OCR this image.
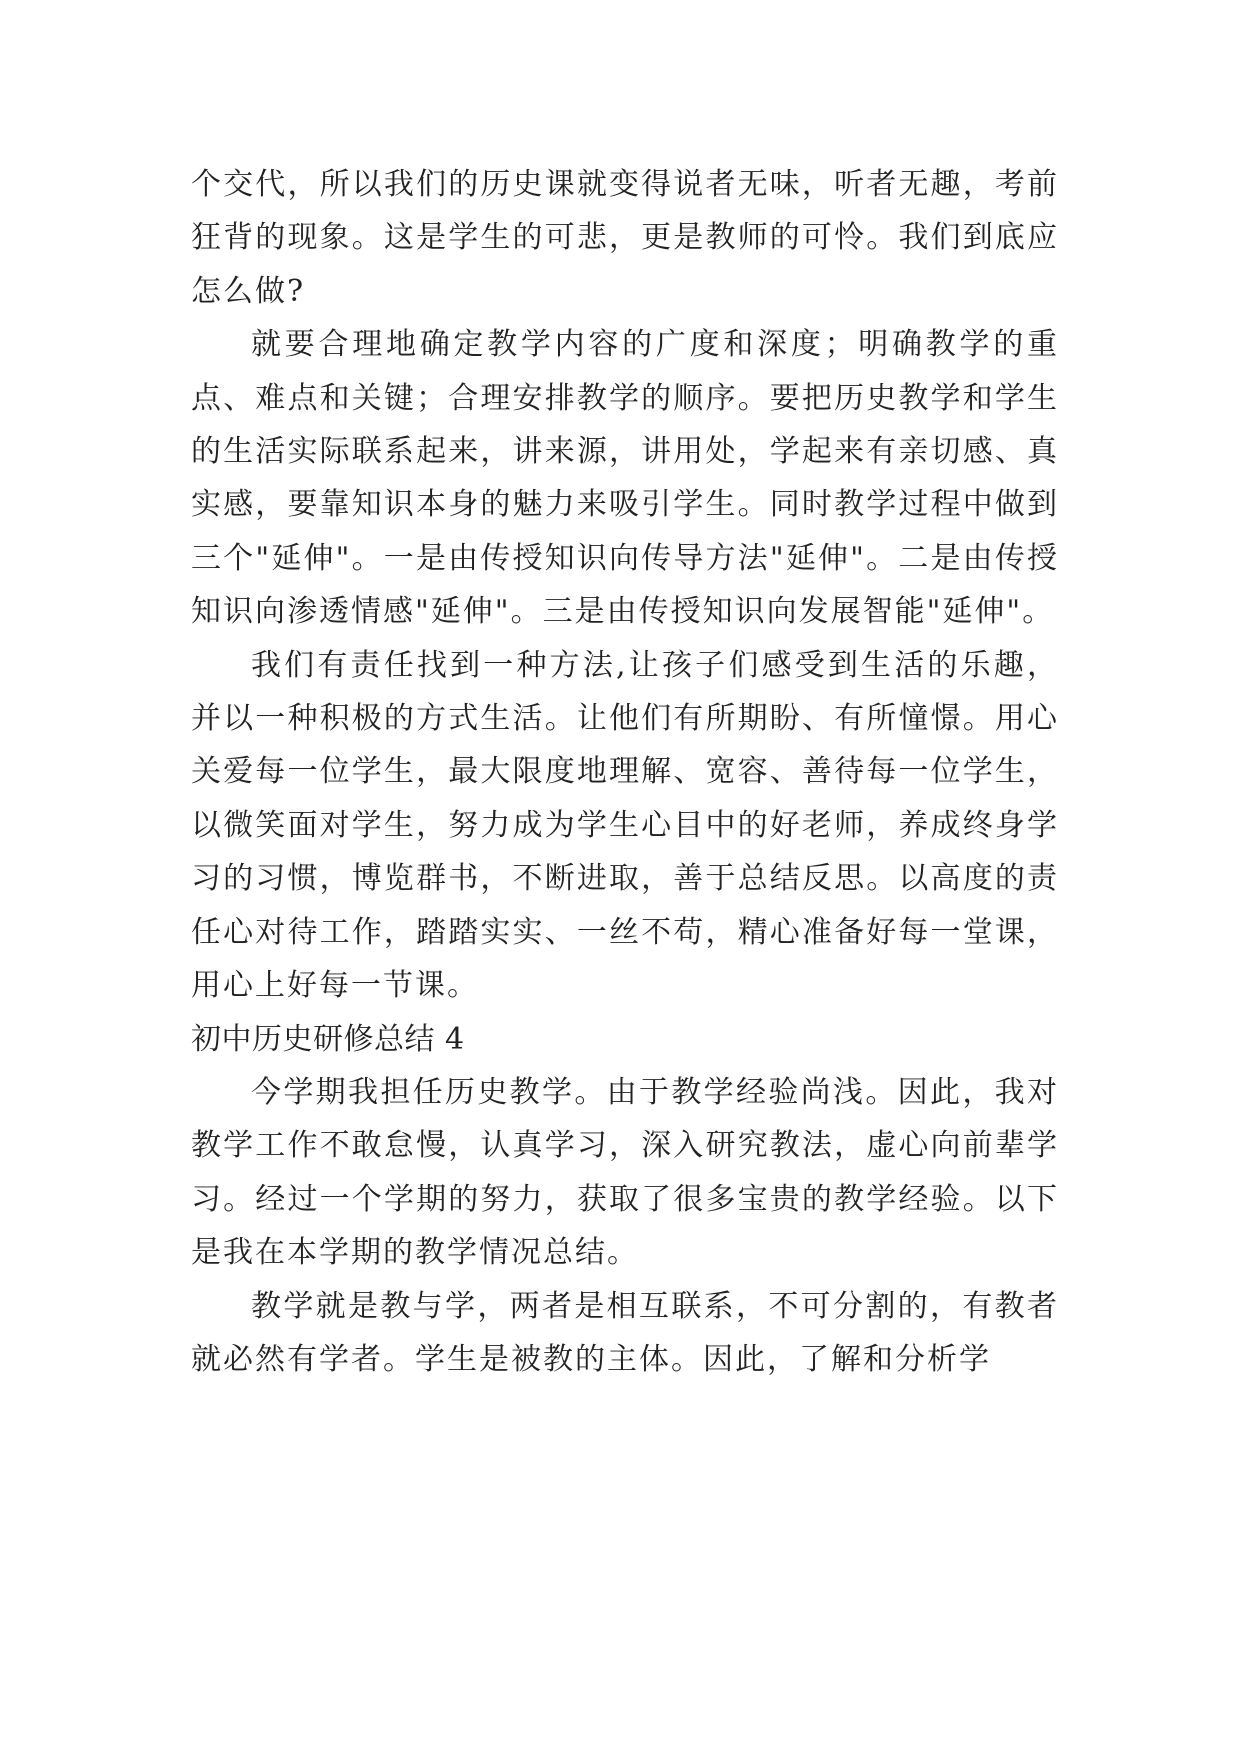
个交代，所以我们的历史课就变得说者无味，听者无趣，考前狂背的现象。这是学生的可悲，更是教师的可怜。我们到底应怎么做?

就要合理地确定教学内容的广度和深度；明确教学的重点、难点和关键；合理安排教学的顺序。要把历史教学和学生的生活实际联系起来，讲来源，讲用处，学起来有亲切感、真实感，要靠知识本身的魅力来吸引学生。同时教学过程中做到三个"延伸"。一是由传授知识向传导方法"延伸"。二是由传授知识向渗透情感"延伸"。三是由传授知识向发展智能"延伸"。

我们有责任找到一种方法,让孩子们感受到生活的乐趣，并以一种积极的方式生活。让他们有所期盼、有所憧憬。用心关爱每一位学生，最大限度地理解、宽容、善待每一位学生，以微笑面对学生，努力成为学生心目中的好老师，养成终身学习的习惯，博览群书，不断进取，善于总结反思。以高度的责任心对待工作，踏踏实实、一丝不苟，精心准备好每一堂课，用心上好每一节课。

初中历史研修总结 4

今学期我担任历史教学。由于教学经验尚浅。因此，我对教学工作不敢怠慢，认真学习，深入研究教法，虚心向前辈学习。经过一个学期的努力，获取了很多宝贵的教学经验。以下是我在本学期的教学情况总结。

教学就是教与学，两者是相互联系，不可分割的，有教者就必然有学者。学生是被教的主体。因此，了解和分析学
